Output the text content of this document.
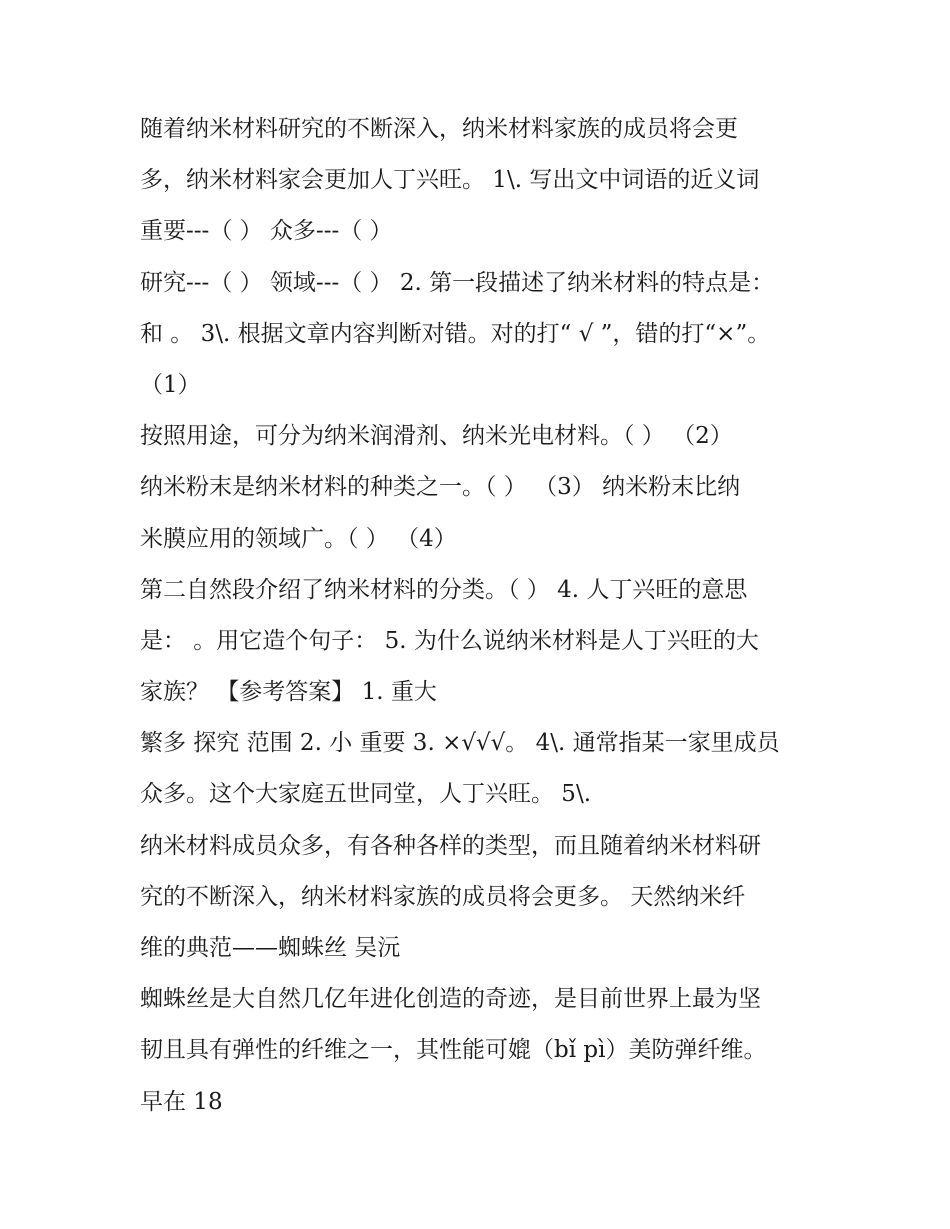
随着纳米材料研究的不断深入，纳米材料家族的成员将会更
多，纳米材料家会更加人丁兴旺。 1\. 写出文中词语的近义词
重要---（ ） 众多---（ ）
研究---（ ） 领域---（ ） 2. 第一段描述了纳米材料的特点是：
和 。 3\. 根据文章内容判断对错。对的打“ √ ”，错的打“×”。
（1）
按照用途，可分为纳米润滑剂、纳米光电材料。（ ） （2）
纳米粉末是纳米材料的种类之一。（ ） （3） 纳米粉末比纳
米膜应用的领域广。（ ） （4）
第二自然段介绍了纳米材料的分类。（ ） 4. 人丁兴旺的意思
是： 。用它造个句子： 5. 为什么说纳米材料是人丁兴旺的大
家族？ 【参考答案】 1. 重大
繁多 探究 范围 2. 小 重要 3. ×√√√。 4\. 通常指某一家里成员
众多。这个大家庭五世同堂，人丁兴旺。 5\.
纳米材料成员众多，有各种各样的类型，而且随着纳米材料研
究的不断深入，纳米材料家族的成员将会更多。 天然纳米纤
维的典范——蜘蛛丝 吴沅
蜘蛛丝是大自然几亿年进化创造的奇迹，是目前世界上最为坚
韧且具有弹性的纤维之一，其性能可媲（bǐ pì）美防弹纤维。
早在 18
